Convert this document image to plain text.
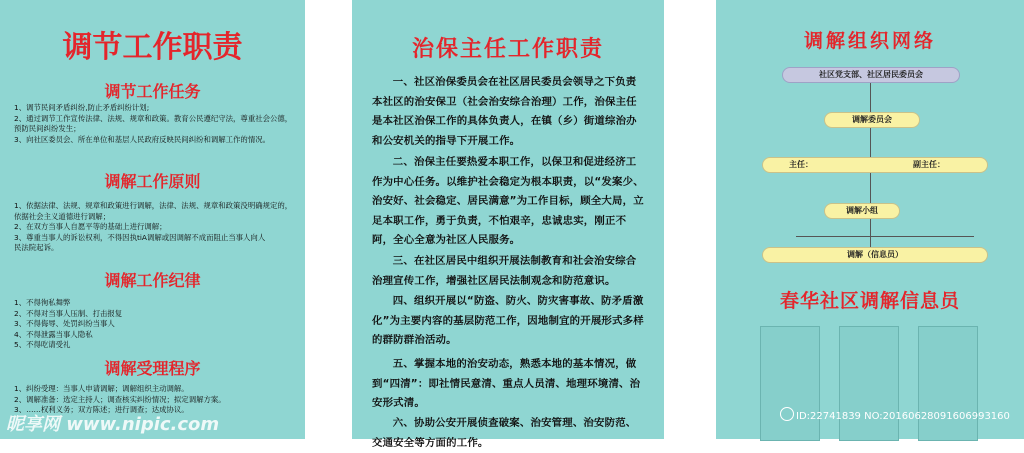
调节工作职责
调节工作任务
1、调节民间矛盾纠纷,防止矛盾纠纷计划;
2、通过调节工作宣传法律、法规、规章和政策。教育公民遵纪守法，尊重社会公德，预防民间纠纷发生；
3、向社区委员会、所在单位和基层人民政府反映民间纠纷和调解工作的情况。
调解工作原则
1、依据法律、法规、规章和政策进行调解，法律、法规、规章和政策没明确规定的，依据社会主义道德进行调解；
2、在双方当事人自愿平等的基础上进行调解；
3、尊重当事人的诉讼权利，不得因执tiA调解或因调解不成而阻止当事人向人
民法院起诉。
调解工作纪律
1、不得徇私舞弊
2、不得对当事人压制、打击报复
3、不得侮辱、处罚纠纷当事人
4、不得泄露当事人隐私
5、不得吃请受礼
调解受理程序
1、纠纷受理：当事人申请调解；调解组织主动调解。
2、调解准备：选定主持人；调查核实纠纷情况；拟定调解方案。
3、……权利义务；双方陈述；进行调查；达成协议。
治保主任工作职责
一、社区治保委员会在社区居民委员会领导之下负责本社区的治安保卫（社会治安综合治理）工作，治保主任是本社区治保工作的具体负责人，在镇（乡）街道综治办和公安机关的指导下开展工作。
二、治保主任要热爱本职工作，以保卫和促进经济工作为中心任务。以维护社会稳定为根本职责，以“发案少、治安好、社会稳定、居民满意”为工作目标，顾全大局，立足本职工作，勇于负责，不怕艰辛，忠诚忠实，刚正不阿，全心全意为社区人民服务。
三、在社区居民中组织开展法制教育和社会治安综合治理宣传工作，增强社区居民法制观念和防范意识。
四、组织开展以“防盗、防火、防灾害事故、防矛盾激化”为主要内容的基层防范工作，因地制宜的开展形式多样的群防群治活动。
五、掌握本地的治安动态，熟悉本地的基本情况，做到“四清”：即社情民意清、重点人员清、地理环境清、治安形式清。
六、协助公安开展侦查破案、治安管理、治安防范、交通安全等方面的工作。
调解组织网络
社区党支部、社区居民委员会
调解委员会
主任：	副主任：
调解小组
调解（信息员）
春华社区调解信息员
昵享网 www.nipic.com	ID:22741839 NO:20160628091606993160
